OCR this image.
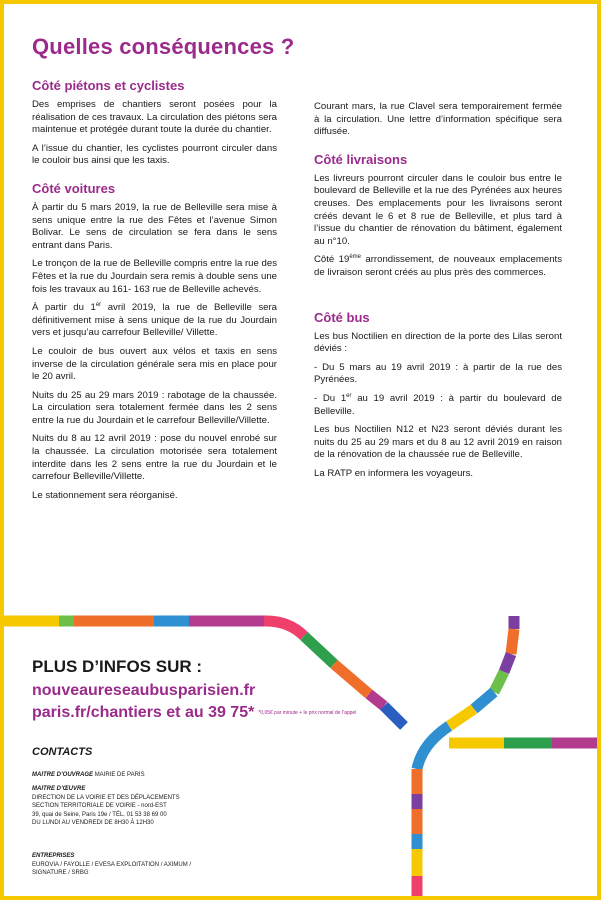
Quelles conséquences ?
Côté piétons et cyclistes

Des emprises de chantiers seront posées pour la réalisation de ces travaux. La circulation des piétons sera maintenue et protégée durant toute la durée du chantier.

A l’issue du chantier, les cyclistes pourront circuler dans le couloir bus ainsi que les taxis.

Côté voitures

À partir du 5 mars 2019, la rue de Belleville sera mise à sens unique entre la rue des Fêtes et l’avenue Simon Bolivar. Le sens de circulation se fera dans le sens entrant dans Paris.

Le tronçon de la rue de Belleville compris entre la rue des Fêtes et la rue du Jourdain sera remis à double sens une fois les travaux au 161- 163 rue de Belleville achevés.

À partir du 1er avril 2019, la rue de Belleville sera définitivement mise à sens unique de la rue du Jourdain vers et jusqu’au carrefour Belleville/ Villette.

Le couloir de bus ouvert aux vélos et taxis en sens inverse de la circulation générale sera mis en place pour le 20 avril.

Nuits du 25 au 29 mars 2019 : rabotage de la chaussée. La circulation sera totalement fermée dans les 2 sens entre la rue du Jourdain et le carrefour Belleville/Villette.

Nuits du 8 au 12 avril 2019 : pose du nouvel enrobé sur la chaussée. La circulation motorisée sera totalement interdite dans les 2 sens entre la rue du Jourdain et le carrefour Belleville/Villette.

Le stationnement sera réorganisé.

Courant mars, la rue Clavel sera temporairement fermée à la circulation. Une lettre d’information spécifique sera diffusée.

Côté livraisons

Les livreurs pourront circuler dans le couloir bus entre le boulevard de Belleville et la rue des Pyrénées aux heures creuses. Des emplacements pour les livraisons seront créés devant le 6 et 8 rue de Belleville, et plus tard à l’issue du chantier de rénovation du bâtiment, également au n°10.

Côté 19ème arrondissement, de nouveaux emplacements de livraison seront créés au plus près des commerces.

Côté bus

Les bus Noctilien en direction de la porte des Lilas seront déviés :

- Du 5 mars au 19 avril 2019 : à partir de la rue des Pyrénées.

- Du 1er au 19 avril 2019 : à partir du boulevard de Belleville.

Les bus Noctilien N12 et N23 seront déviés durant les nuits du 25 au 29 mars et du 8 au 12 avril 2019 en raison de la rénovation de la chaussée rue de Belleville.

La RATP en informera les voyageurs.

PLUS D’INFOS SUR :
nouveaureseaubusparisien.fr
paris.fr/chantiers et au 39 75* *0,05€ par minute + le prix normal de l’appel
CONTACTS
MAITRE D’OUVRAGE MAIRIE DE PARIS
MAITRE D’ŒUVRE
DIRECTION DE LA VOIRIE ET DES DÉPLACEMENTS
SECTION TERRITORIALE DE VOIRIE - nord-EST
39, quai de Seine, Paris 19e / TÉL. 01 53 38 69 00
DU LUNDI AU VENDREDI DE 8H30 À 12H30
ENTREPRISES
EUROVIA / FAYOLLE / EVESA EXPLOITATION / AXIMUM /
SIGNATURE / SRBG
